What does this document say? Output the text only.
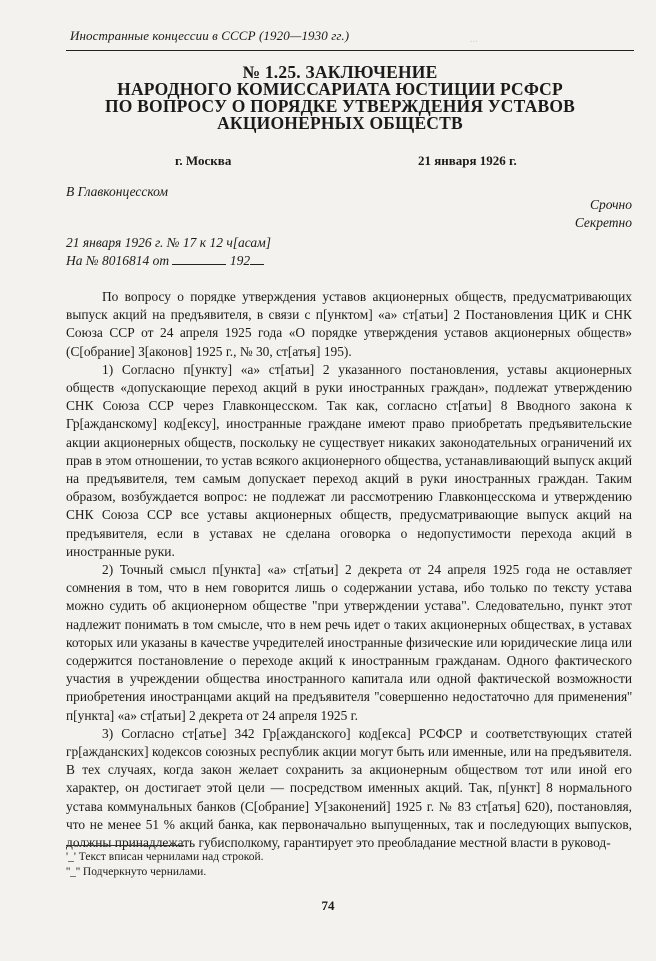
...
Иностранные концессии в СССР (1920—1930 гг.)
№ 1.25. ЗАКЛЮЧЕНИЕ
НАРОДНОГО КОМИССАРИАТА ЮСТИЦИИ РСФСР
ПО ВОПРОСУ О ПОРЯДКЕ УТВЕРЖДЕНИЯ УСТАВОВ
АКЦИОНЕРНЫХ ОБЩЕСТВ
г. Москва	21 января 1926 г.
В Главконцесском
Срочно
Секретно
21 января 1926 г. № 17 к 12 ч[асам]
На № 8016814 от	192

По вопросу о порядке утверждения уставов акционерных обществ, предусматривающих выпуск акций на предъявителя, в связи с п[унктом] «а» ст[атьи] 2 Постановления ЦИК и СНК Союза ССР от 24 апреля 1925 года «О порядке утверждения уставов акционерных обществ» (С[обрание] З[аконов] 1925 г., № 30, ст[атья] 195).

1) Согласно п[ункту] «а» ст[атьи] 2 указанного постановления, уставы акционерных обществ «допускающие переход акций в руки иностранных граждан», подлежат утверждению СНК Союза ССР через Главконцесском. Так как, согласно ст[атьи] 8 Вводного закона к Гр[ажданскому] код[ексу], иностранные граждане имеют право приобретать предъявительские акции акционерных обществ, поскольку не существует никаких законодательных ограничений их прав в этом отношении, то устав всякого акционерного общества, устанавливающий выпуск акций на предъявителя, тем самым допускает переход акций в руки иностранных граждан. Таким образом, возбуждается вопрос: не подлежат ли рассмотрению Главконцесскома и утверждению СНК Союза ССР все уставы акционерных обществ, предусматривающие выпуск акций на предъявителя, если в уставах не сделана оговорка о недопустимости перехода акций в иностранные руки.

2) Точный смысл п[ункта] «а» ст[атьи] 2 декрета от 24 апреля 1925 года не оставляет сомнения в том, что в нем говорится лишь о содержании устава, ибо только по тексту устава можно судить об акционерном обществе "при утверждении устава". Следовательно, пункт этот надлежит понимать в том смысле, что в нем речь идет о таких акционерных обществах, в уставах которых или указаны в качестве учредителей иностранные физические или юридические лица или содержится постановление о переходе акций к иностранным гражданам. Одного фактического участия в учреждении общества иностранного капитала или одной фактической возможности приобретения иностранцами акций на предъявителя ''совершенно недостаточно для применения'' п[ункта] «а» ст[атьи] 2 декрета от 24 апреля 1925 г.

3) Согласно ст[атье] 342 Гр[ажданского] код[екса] РСФСР и соответствующих статей гр[ажданских] кодексов союзных республик акции могут быть или именные, или на предъявителя. В тех случаях, когда закон желает сохранить за акционерным обществом тот или иной его характер, он достигает этой цели — посредством именных акций. Так, п[ункт] 8 нормального устава коммунальных банков (С[обрание] У[законений] 1925 г. № 83 ст[атья] 620), постановляя, что не менее 51 % акций банка, как первоначально выпущенных, так и последующих выпусков, должны принадлежать губисполкому, гарантирует это преобладание местной власти в руковод-

'_' Текст вписан чернилами над строкой.
''_'' Подчеркнуто чернилами.
74
